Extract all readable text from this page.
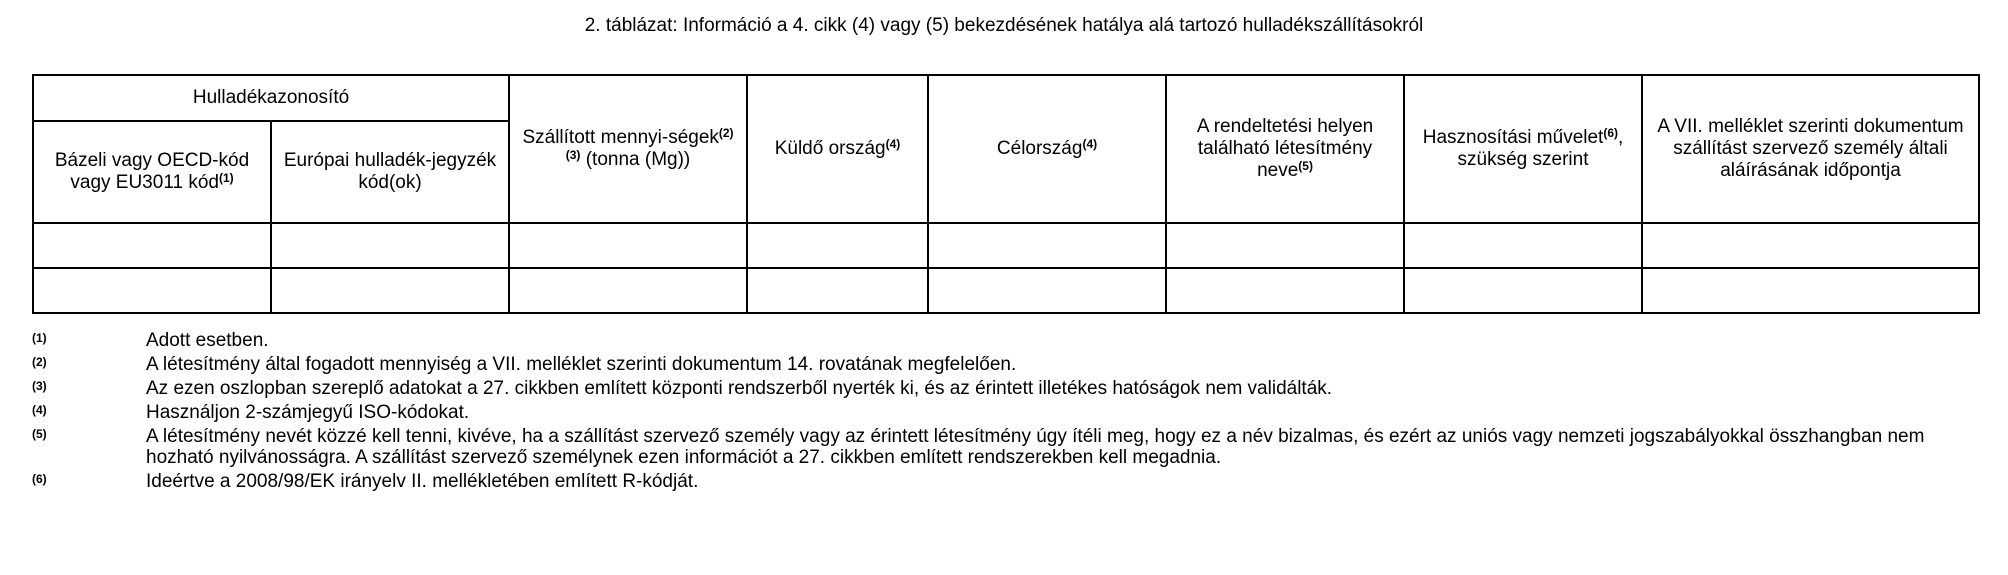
2. táblázat: Információ a 4. cikk (4) vagy (5) bekezdésének hatálya alá tartozó hulladékszállításokról
Hulladékazonosító		Szállított mennyi-ségek$^{(2)(3)}$ (tonna (Mg))	Küldő ország$^{(4)}$	Célország$^{(4)}$	A rendeltetési helyen található létesítmény neve$^{(5)}$	Hasznosítási művelet$^{(6)}$, szükség szerint	A VII. melléklet szerinti dokumentum szállítást szervező személy általi aláírásának időpontja
Bázeli vagy OECD-kód vagy EU3011 kód$^{(1)}$	Európai hulladék-jegyzék kód(ok)						

(1)	Adott esetben.
(2)	A létesítmény által fogadott mennyiség a VII. melléklet szerinti dokumentum 14. rovatának megfelelően.
(3)	Az ezen oszlopban szereplő adatokat a 27. cikkben említett központi rendszerből nyerték ki, és az érintett illetékes hatóságok nem validálták.
(4)	Használjon 2-számjegyű ISO-kódokat.
(5)	A létesítmény nevét közzé kell tenni, kivéve, ha a szállítást szervező személy vagy az érintett létesítmény úgy ítéli meg, hogy ez a név bizalmas, és ezért az uniós vagy nemzeti jogszabályokkal összhangban nem hozható nyilvánosságra. A szállítást szervező személynek ezen információt a 27. cikkben említett rendszerekben kell megadnia.
(6)	Ideértve a 2008/98/EK irányelv II. mellékletében említett R-kódját.
